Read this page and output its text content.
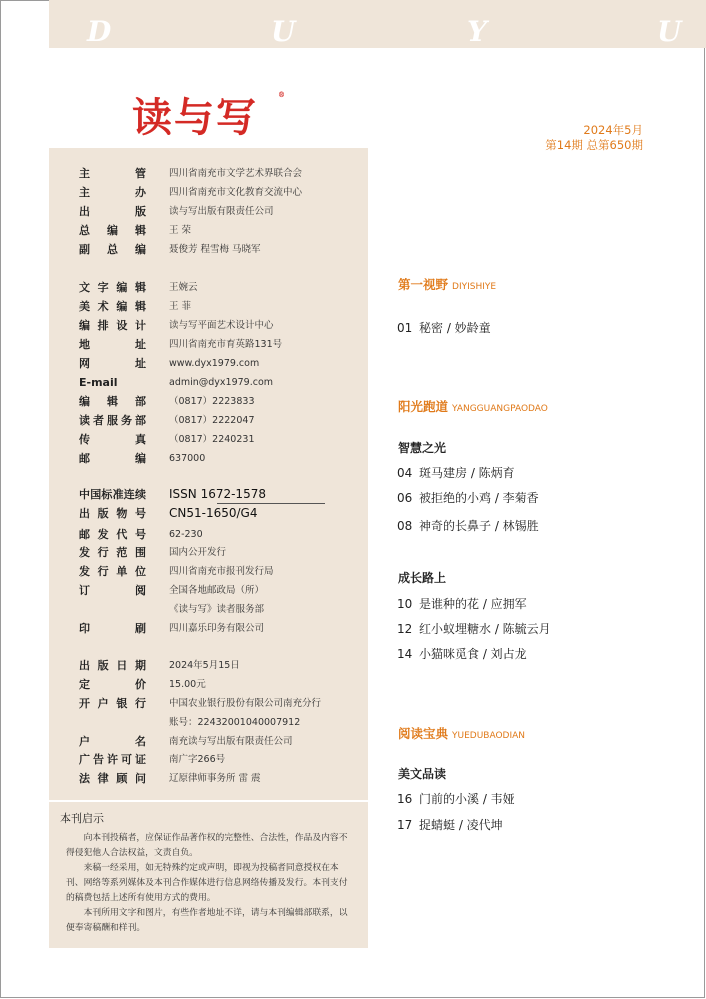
D	U	Y	U
读与写	®
2024年5月
第14期 总第650期
主管 四川省南充市文学艺术界联合会
主办 四川省南充市文化教育交流中心
出版 读与写出版有限责任公司
总编辑 王 荣
副总编 聂俊芳 程雪梅 马晓军
文字编辑 王婉云
美术编辑 王 菲
编排设计 读与写平面艺术设计中心
地址 四川省南充市育英路131号
网址 www.dyx1979.com
E-mail	admin@dyx1979.com
编辑部 （0817）2223833
读者服务部 （0817）2222047
传真 （0817）2240231
邮编 637000
中国标准连续 ISSN 1672-1578
出版物号 CN51-1650/G4
邮发代号 62-230
发行范围 国内公开发行
发行单位 四川省南充市报刊发行局
订阅 全国各地邮政局（所）
《读与写》读者服务部
印刷 四川嘉乐印务有限公司
出版日期 2024年5月15日
定价 15.00元
开户银行 中国农业银行股份有限公司南充分行
账号：22432001040007912
户名 南充读与写出版有限责任公司
广告许可证 南广字266号
法律顾问 辽原律师事务所 雷 震
本刊启示

向本刊投稿者，应保证作品著作权的完整性、合法性，作品及内容不得侵犯他人合法权益，文责自负。

来稿一经采用，如无特殊约定或声明，即视为投稿者同意授权在本刊、网络等系列媒体及本刊合作媒体进行信息网络传播及发行。本刊支付的稿费包括上述所有使用方式的费用。

本刊所用文字和图片，有些作者地址不详，请与本刊编辑部联系，以便奉寄稿酬和样刊。

第一视野 DIYISHIYE
01 秘密 / 妙龄童
阳光跑道 YANGGUANGPAODAO
智慧之光
04 斑马建房 / 陈炳育
06 被拒绝的小鸡 / 李菊香
08 神奇的长鼻子 / 林锡胜
成长路上
10 是谁种的花 / 应拥军
12 红小蚁埋糖水 / 陈毓云月
14 小猫咪觅食 / 刘占龙
阅读宝典 YUEDUBAODIAN
美文品读
16 门前的小溪 / 韦娅
17 捉蜻蜓 / 凌代坤
